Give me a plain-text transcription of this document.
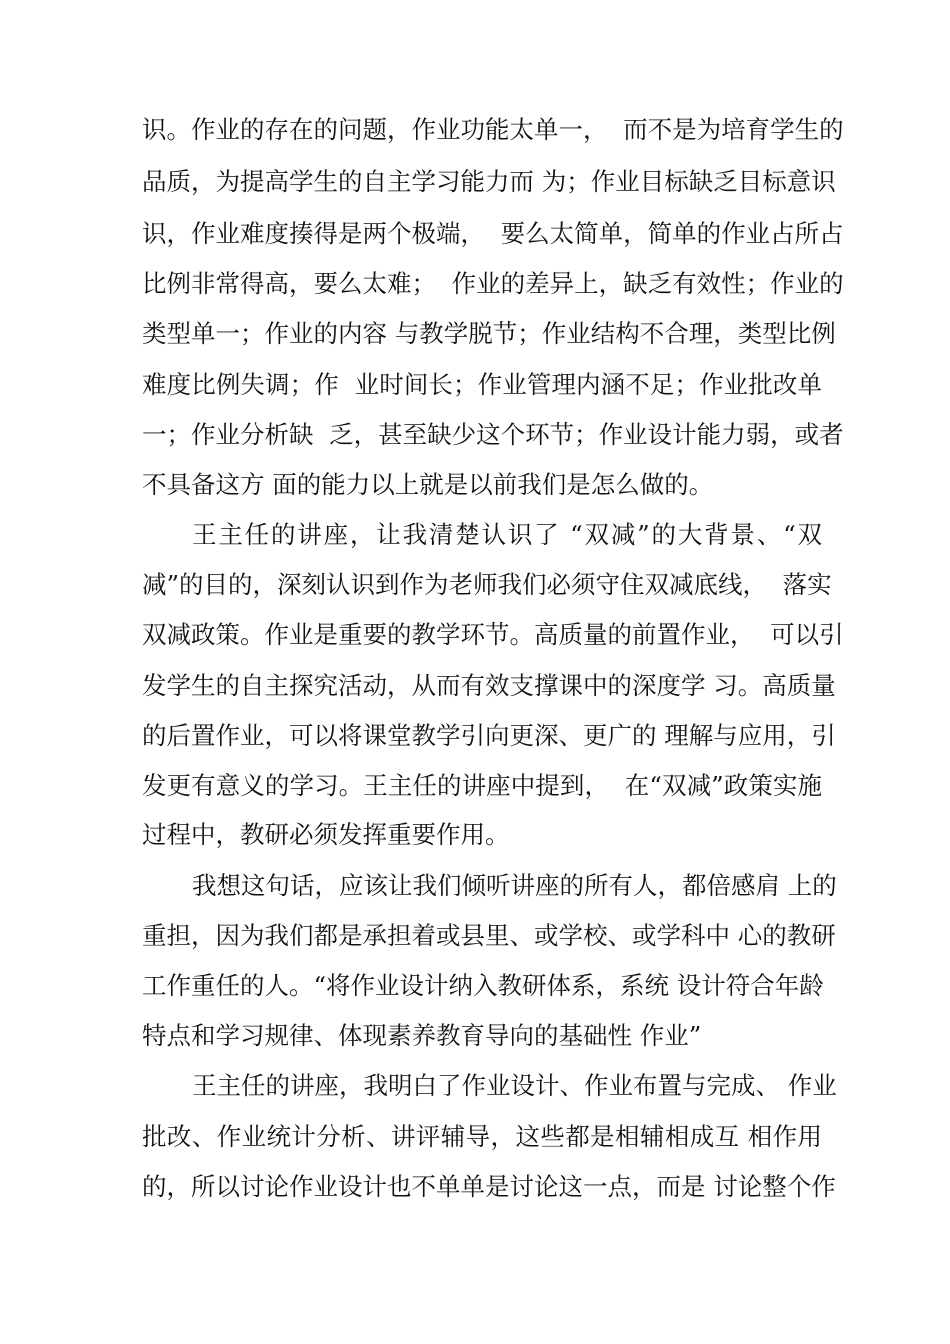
识。作业的存在的问题，作业功能太单一，  而不是为培育学生的
品质，为提高学生的自主学习能力而 为；作业目标缺乏目标意识
识，作业难度揍得是两个极端，  要么太简单，简单的作业占所占
比例非常得高，要么太难；  作业的差异上，缺乏有效性；作业的
类型单一；作业的内容 与教学脱节；作业结构不合理，类型比例
难度比例失调；作  业时间长；作业管理内涵不足；作业批改单
一；作业分析缺  乏，甚至缺少这个环节；作业设计能力弱，或者
不具备这方 面的能力以上就是以前我们是怎么做的。
王主任的讲座，让我清楚认识了 “双减”的大背景、“双
减”的目的，深刻认识到作为老师我们必须守住双减底线，  落实
双减政策。作业是重要的教学环节。高质量的前置作业，  可以引
发学生的自主探究活动，从而有效支撑课中的深度学 习。高质量
的后置作业，可以将课堂教学引向更深、更广的 理解与应用，引
发更有意义的学习。王主任的讲座中提到，  在“双减”政策实施
过程中，教研必须发挥重要作用。
我想这句话，应该让我们倾听讲座的所有人，都倍感肩 上的
重担，因为我们都是承担着或县里、或学校、或学科中 心的教研
工作重任的人。“将作业设计纳入教研体系，系统 设计符合年龄
特点和学习规律、体现素养教育导向的基础性 作业”
王主任的讲座，我明白了作业设计、作业布置与完成、 作业
批改、作业统计分析、讲评辅导，这些都是相辅相成互 相作用
的，所以讨论作业设计也不单单是讨论这一点，而是 讨论整个作
